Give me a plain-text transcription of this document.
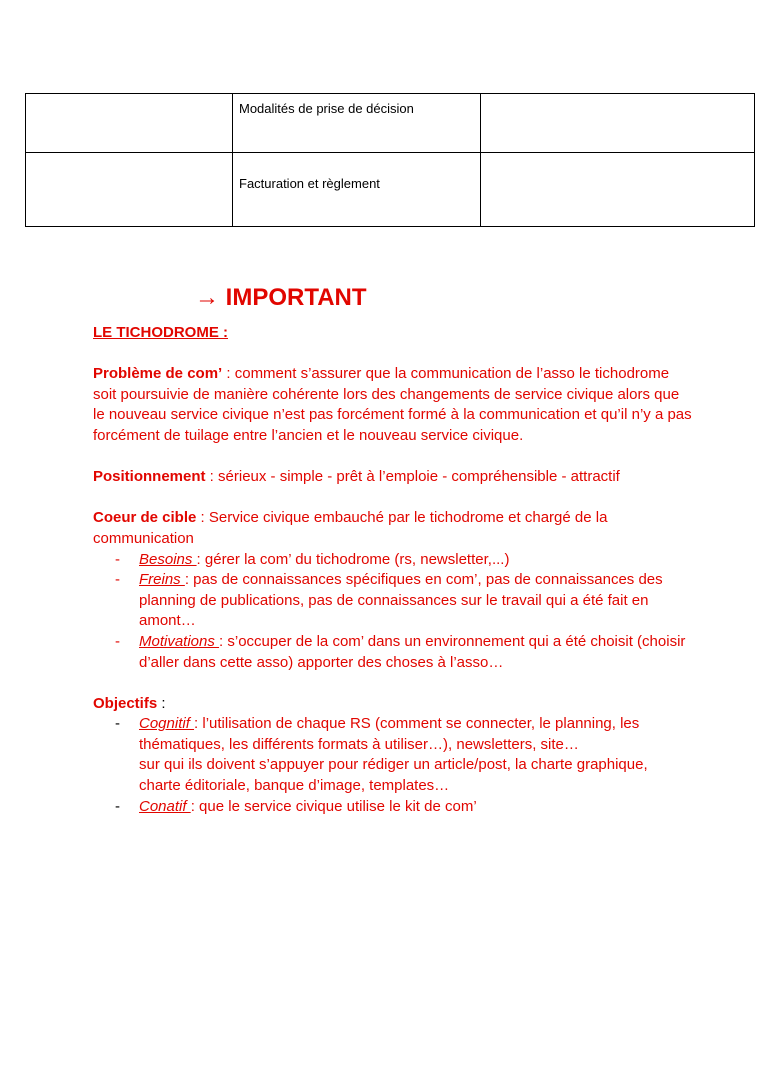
	Modalités de prise de décision	

	Facturation et règlement	

→ IMPORTANT

LE TICHODROME :

Problème de com’ : comment s’assurer que la communication de l’asso le tichodrome soit poursuivie de manière cohérente lors des changements de service civique alors que le nouveau service civique n’est pas forcément formé à la communication et qu’il n’y a pas forcément de tuilage entre l’ancien et le nouveau service civique.

Positionnement : sérieux - simple - prêt à l’emploie - compréhensible - attractif

Coeur de cible : Service civique embauché par le tichodrome et chargé de la communication

- Besoins : gérer la com’ du tichodrome (rs, newsletter,...)
- Freins : pas de connaissances spécifiques en com’, pas de connaissances des planning de publications, pas de connaissances sur le travail qui a été fait en amont…
- Motivations : s’occuper de la com’ dans un environnement qui a été choisit (choisir d’aller dans cette asso) apporter des choses à l’asso…

Objectifs :

- Cognitif : l’utilisation de chaque RS (comment se connecter, le planning, les thématiques, les différents formats à utiliser…), newsletters, site…
sur qui ils doivent s’appuyer pour rédiger un article/post, la charte graphique, charte éditoriale, banque d’image, templates…
- Conatif : que le service civique utilise le kit de com’
